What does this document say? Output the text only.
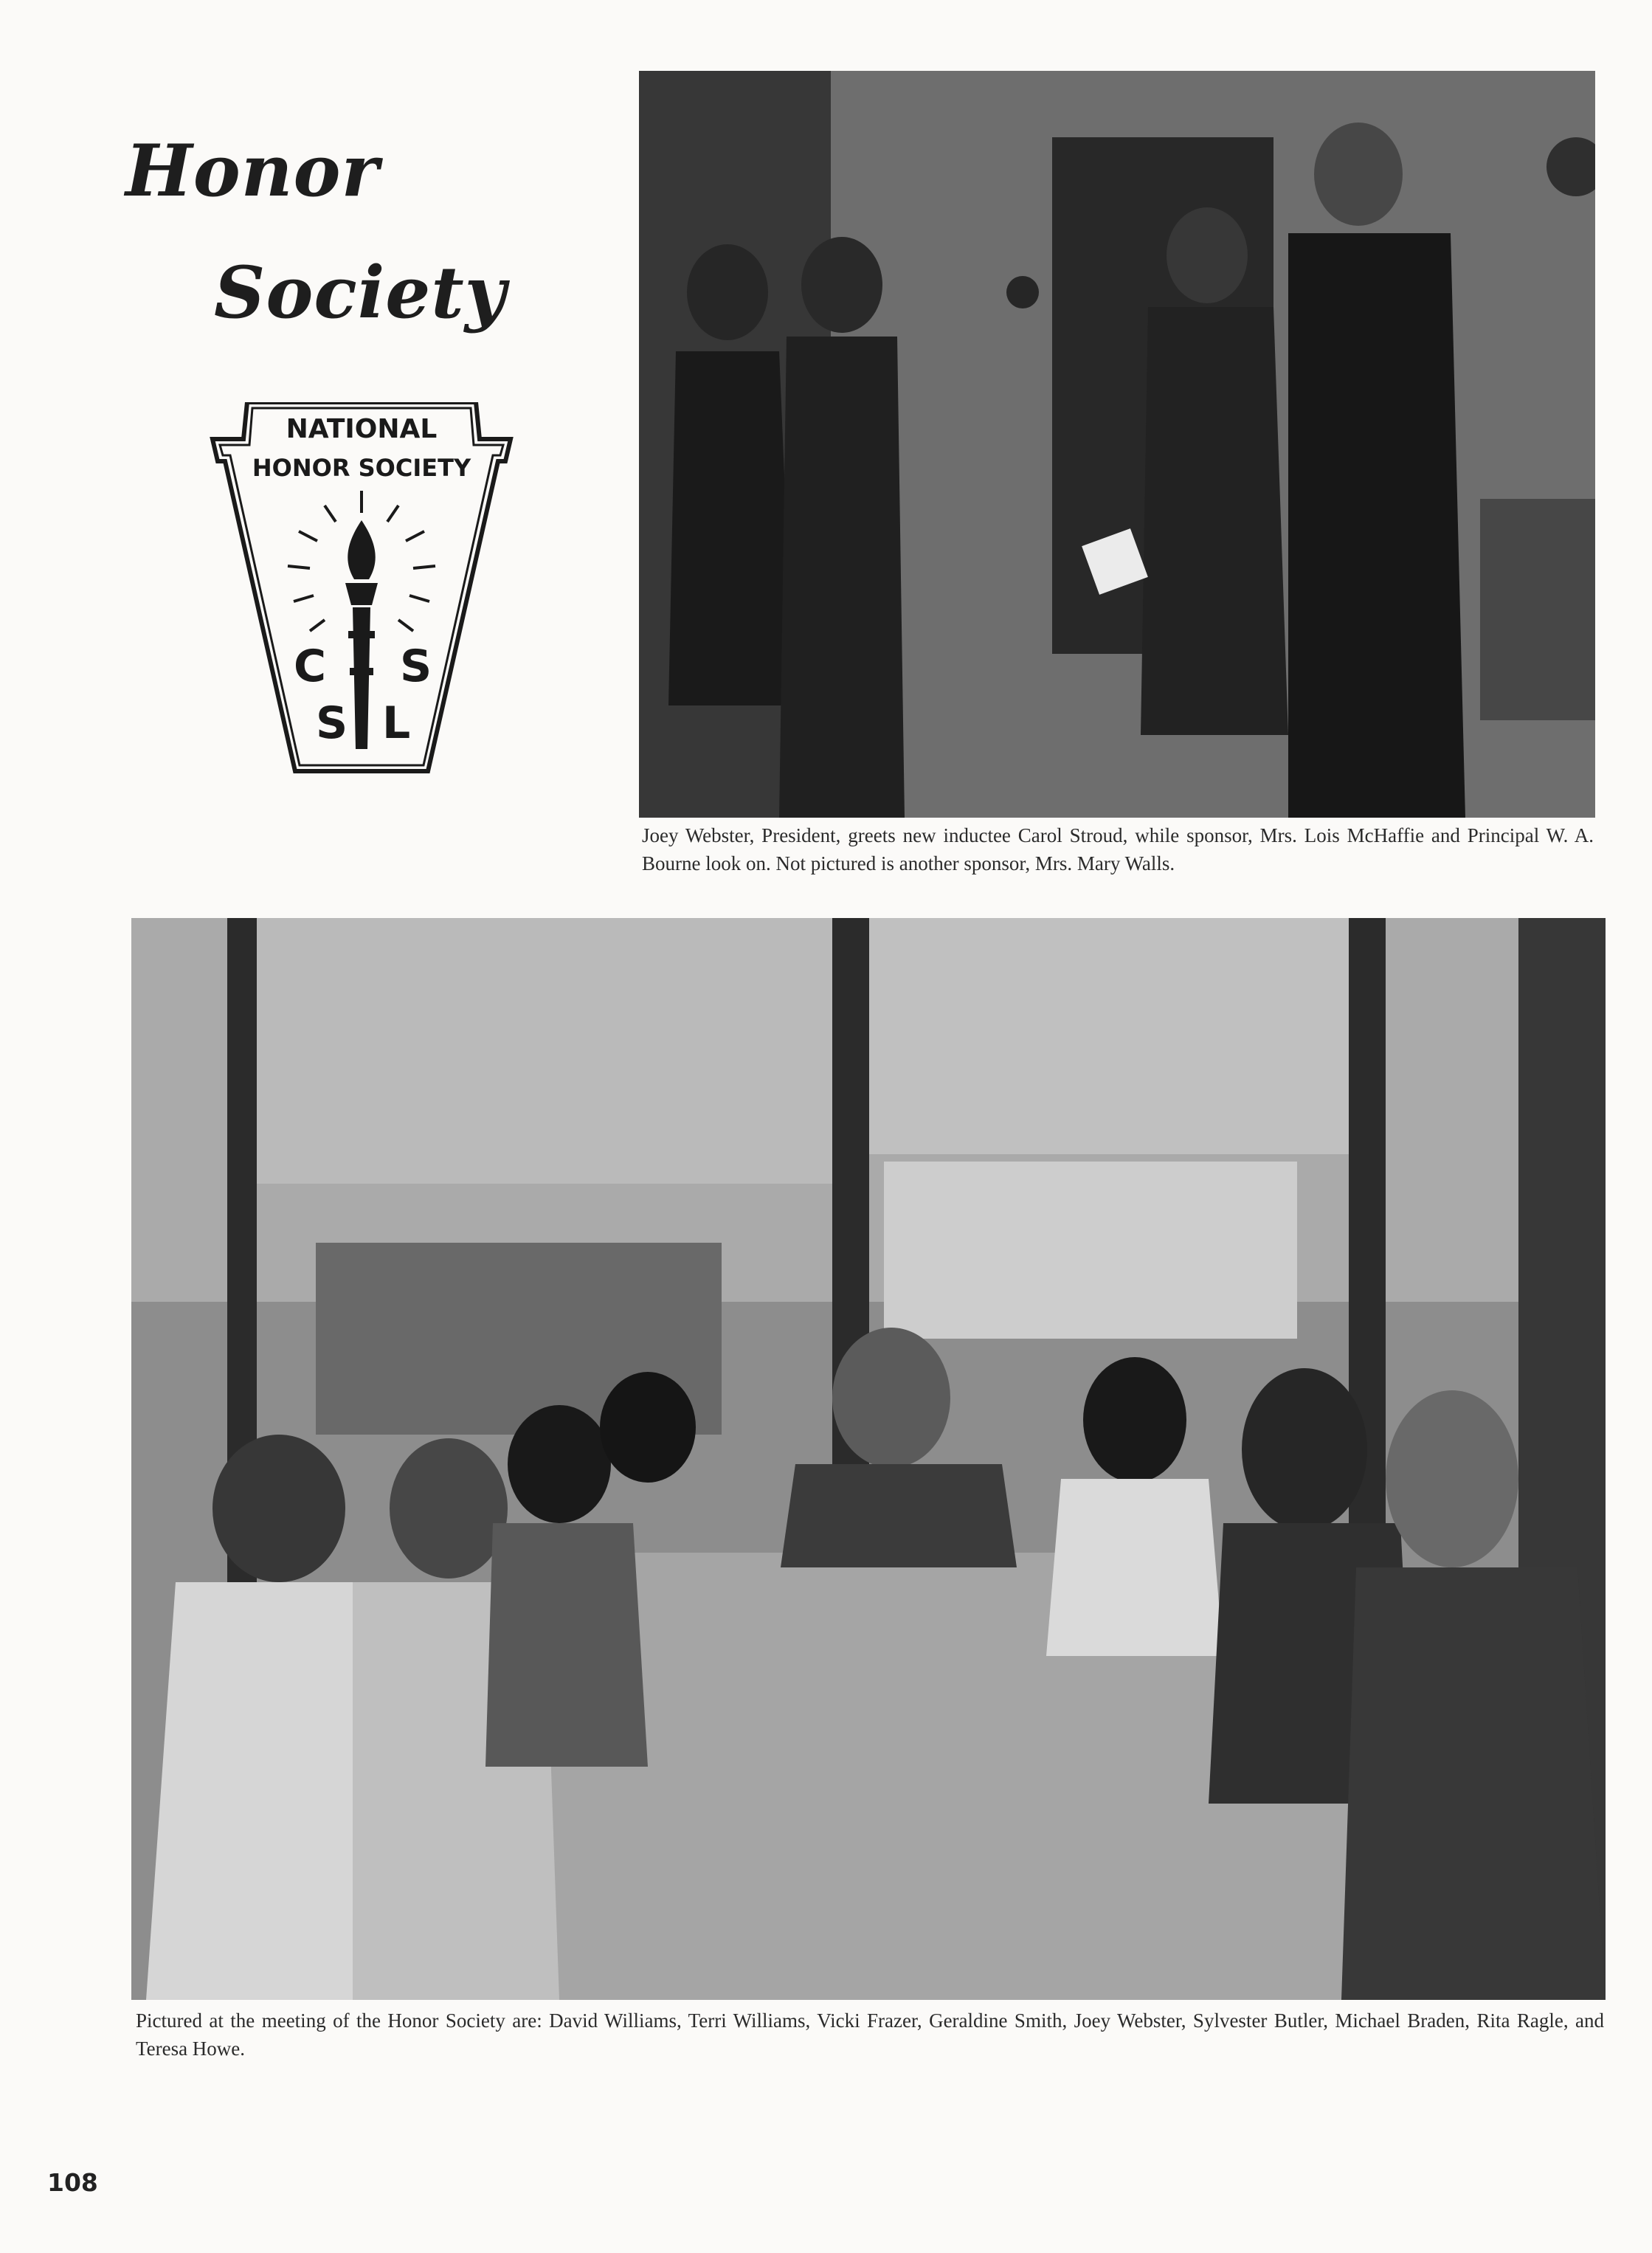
Honor
Society
NATIONAL
HONOR SOCIETY
C
S L
S
Joey Webster, President, greets new inductee Carol Stroud, while sponsor, Mrs. Lois McHaffie and Principal W. A. Bourne look on. Not pictured is another sponsor, Mrs. Mary Walls.
Pictured at the meeting of the Honor Society are: David Williams, Terri Williams, Vicki Frazer, Geraldine Smith, Joey Webster, Sylvester Butler, Michael Braden, Rita Ragle, and Teresa Howe.
108
